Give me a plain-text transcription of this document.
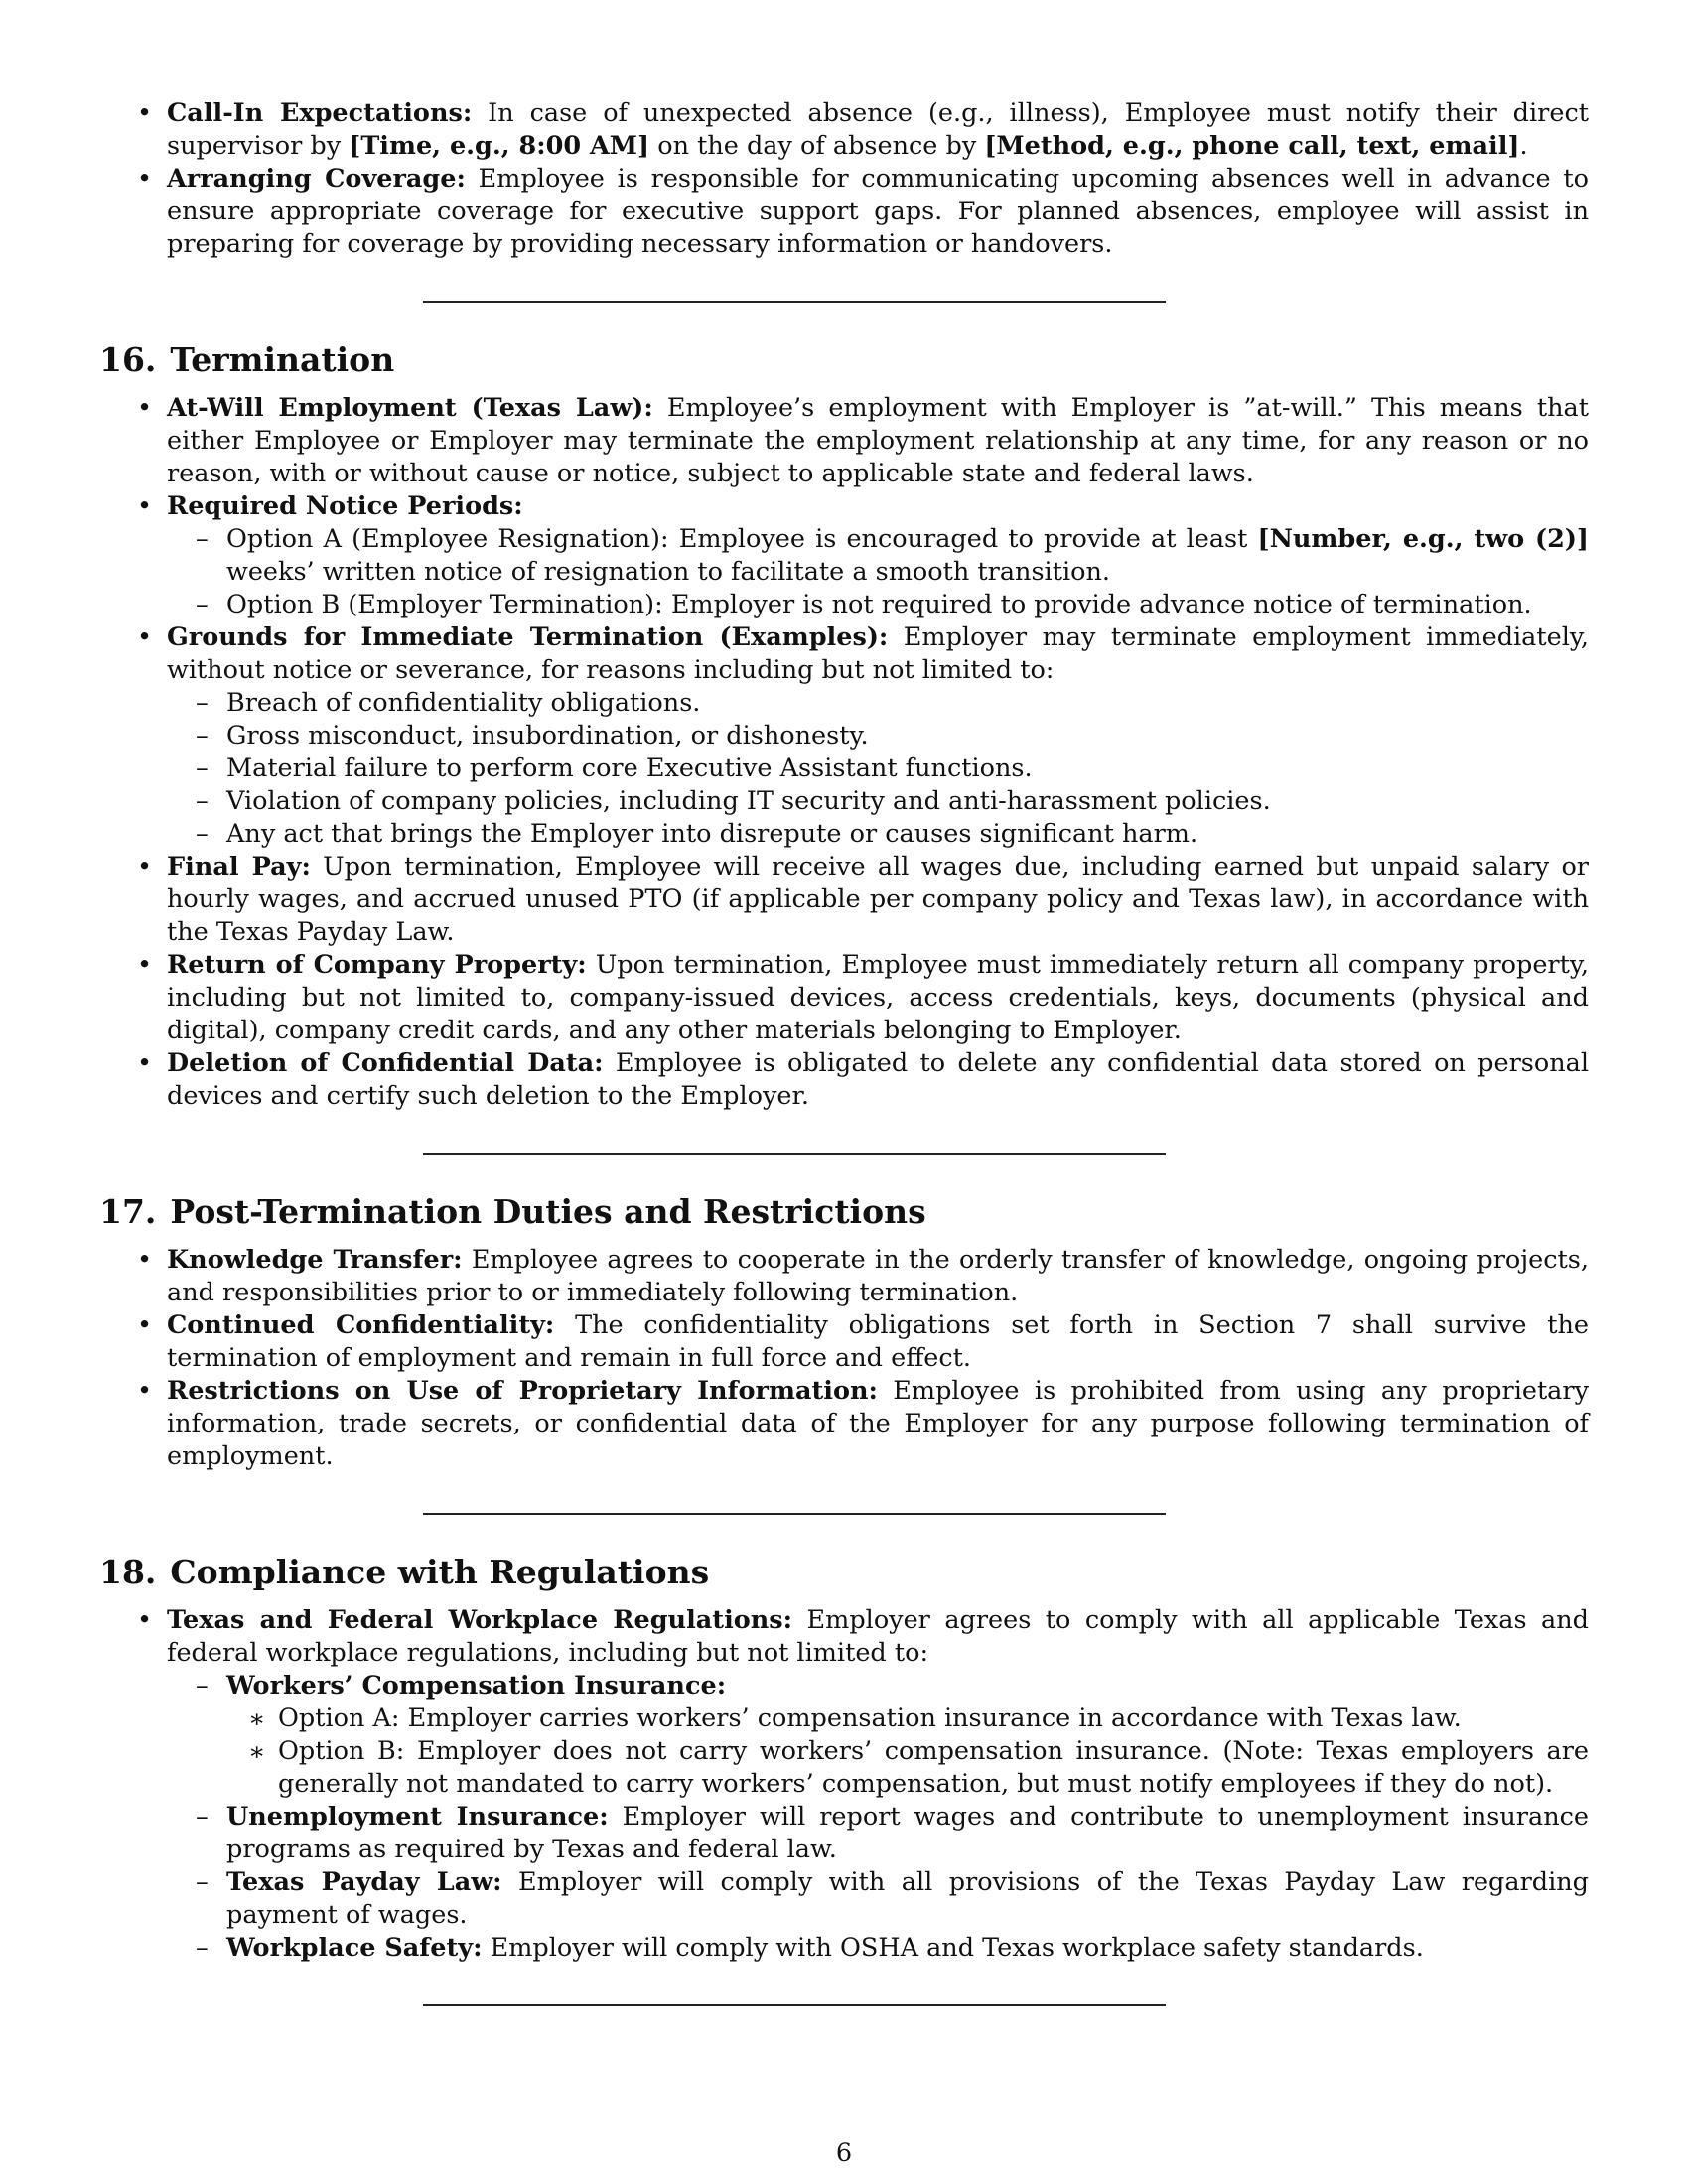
• Call-In Expectations: In case of unexpected absence (e.g., illness), Employee must notify their direct supervisor by [Time, e.g., 8:00 AM] on the day of absence by [Method, e.g., phone call, text, email].
• Arranging Coverage: Employee is responsible for communicating upcoming absences well in advance to ensure appropriate coverage for executive support gaps. For planned absences, employee will assist in preparing for coverage by providing necessary information or handovers.
16. Termination
• At-Will Employment (Texas Law): Employee’s employment with Employer is ”at-will.” This means that either Employee or Employer may terminate the employment relationship at any time, for any reason or no reason, with or without cause or notice, subject to applicable state and federal laws.
• Required Notice Periods:
– Option A (Employee Resignation): Employee is encouraged to provide at least [Number, e.g., two (2)] weeks’ written notice of resignation to facilitate a smooth transition.
– Option B (Employer Termination): Employer is not required to provide advance notice of termination.
• Grounds for Immediate Termination (Examples): Employer may terminate employment immediately, without notice or severance, for reasons including but not limited to:
– Breach of confidentiality obligations.
– Gross misconduct, insubordination, or dishonesty.
– Material failure to perform core Executive Assistant functions.
– Violation of company policies, including IT security and anti-harassment policies.
– Any act that brings the Employer into disrepute or causes significant harm.
• Final Pay: Upon termination, Employee will receive all wages due, including earned but unpaid salary or hourly wages, and accrued unused PTO (if applicable per company policy and Texas law), in accordance with the Texas Payday Law.
• Return of Company Property: Upon termination, Employee must immediately return all company property, including but not limited to, company-issued devices, access credentials, keys, documents (physical and digital), company credit cards, and any other materials belonging to Employer.
• Deletion of Confidential Data: Employee is obligated to delete any confidential data stored on personal devices and certify such deletion to the Employer.
17. Post-Termination Duties and Restrictions
• Knowledge Transfer: Employee agrees to cooperate in the orderly transfer of knowledge, ongoing projects, and responsibilities prior to or immediately following termination.
• Continued Confidentiality: The confidentiality obligations set forth in Section 7 shall survive the termination of employment and remain in full force and effect.
• Restrictions on Use of Proprietary Information: Employee is prohibited from using any proprietary information, trade secrets, or confidential data of the Employer for any purpose following termination of employment.
18. Compliance with Regulations
• Texas and Federal Workplace Regulations: Employer agrees to comply with all applicable Texas and federal workplace regulations, including but not limited to:
– Workers’ Compensation Insurance:
∗ Option A: Employer carries workers’ compensation insurance in accordance with Texas law.
∗ Option B: Employer does not carry workers’ compensation insurance. (Note: Texas employers are generally not mandated to carry workers’ compensation, but must notify employees if they do not).
– Unemployment Insurance: Employer will report wages and contribute to unemployment insurance programs as required by Texas and federal law.
– Texas Payday Law: Employer will comply with all provisions of the Texas Payday Law regarding payment of wages.
– Workplace Safety: Employer will comply with OSHA and Texas workplace safety standards.
6
